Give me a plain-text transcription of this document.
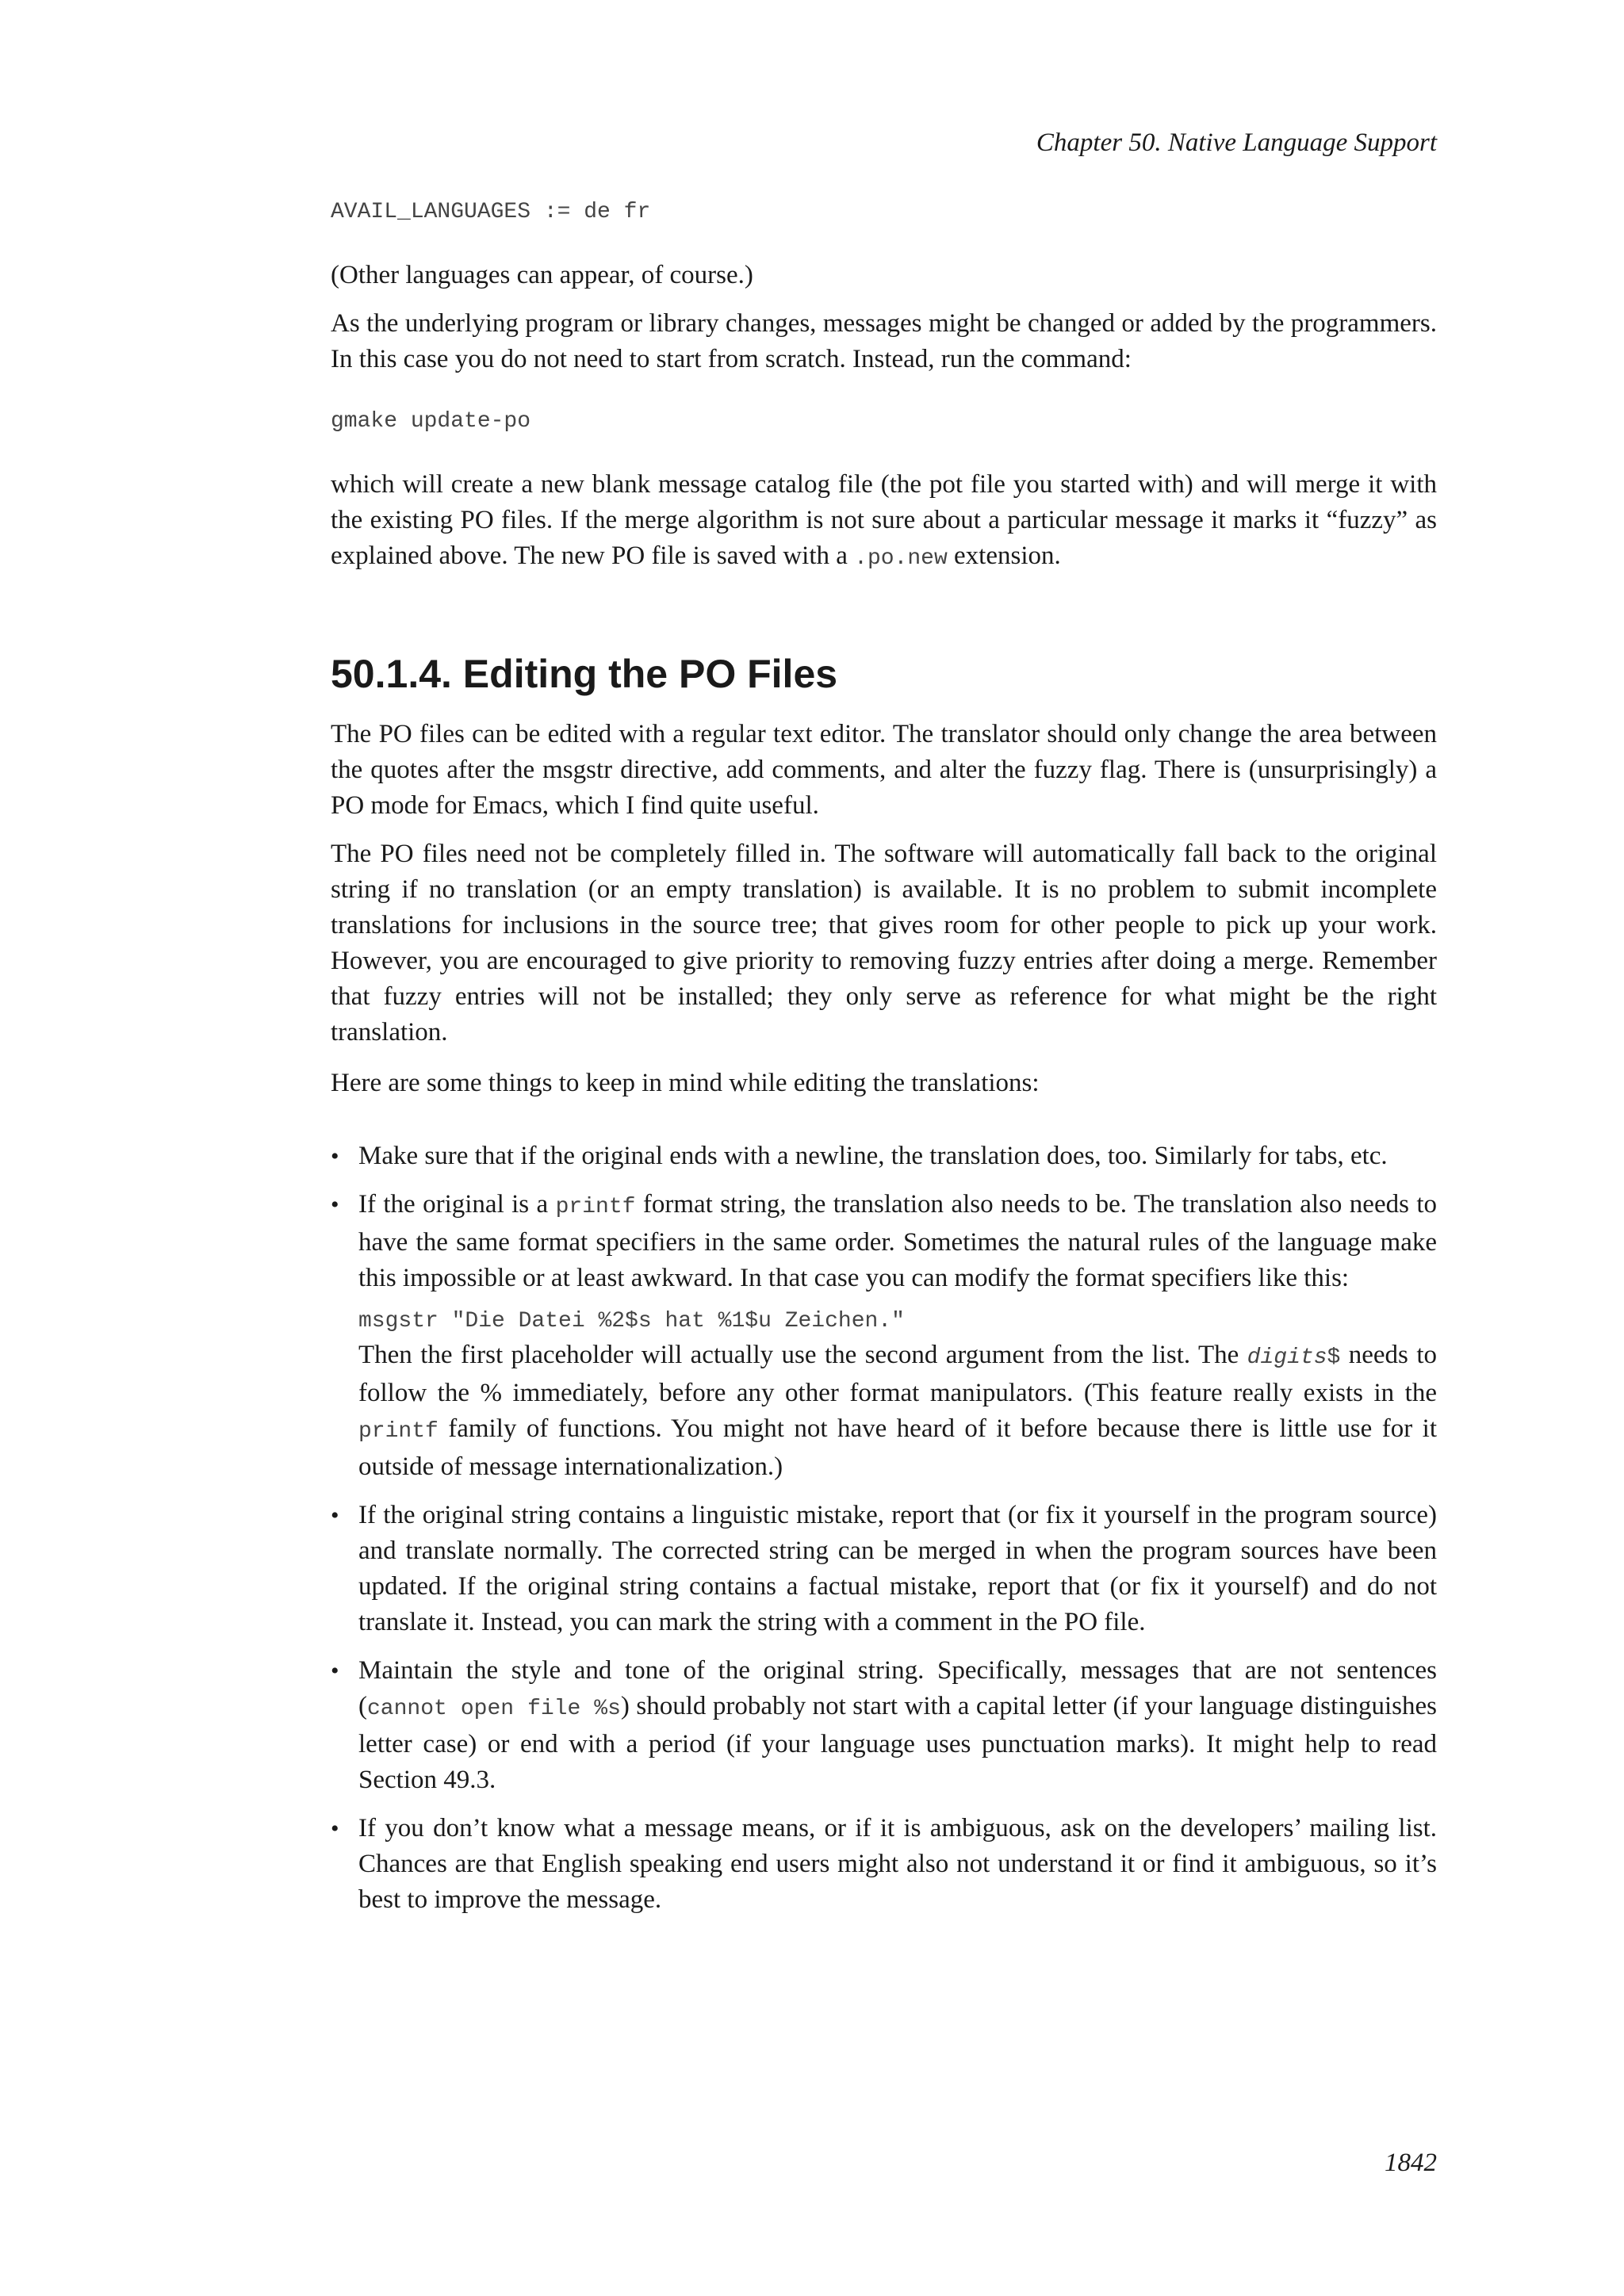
Chapter 50. Native Language Support
AVAIL_LANGUAGES := de fr
(Other languages can appear, of course.)
As the underlying program or library changes, messages might be changed or added by the programmers. In this case you do not need to start from scratch. Instead, run the command:
gmake update-po
which will create a new blank message catalog file (the pot file you started with) and will merge it with the existing PO files. If the merge algorithm is not sure about a particular message it marks it “fuzzy” as explained above. The new PO file is saved with a .po.new extension.
50.1.4. Editing the PO Files
The PO files can be edited with a regular text editor. The translator should only change the area between the quotes after the msgstr directive, add comments, and alter the fuzzy flag. There is (unsurprisingly) a PO mode for Emacs, which I find quite useful.
The PO files need not be completely filled in. The software will automatically fall back to the original string if no translation (or an empty translation) is available. It is no problem to submit incomplete translations for inclusions in the source tree; that gives room for other people to pick up your work. However, you are encouraged to give priority to removing fuzzy entries after doing a merge. Remember that fuzzy entries will not be installed; they only serve as reference for what might be the right translation.
Here are some things to keep in mind while editing the translations:
• Make sure that if the original ends with a newline, the translation does, too. Similarly for tabs, etc.
• If the original is a printf format string, the translation also needs to be. The translation also needs to have the same format specifiers in the same order. Sometimes the natural rules of the language make this impossible or at least awkward. In that case you can modify the format specifiers like this:
msgstr "Die Datei %2$s hat %1$u Zeichen."
Then the first placeholder will actually use the second argument from the list. The digits$ needs to follow the % immediately, before any other format manipulators. (This feature really exists in the printf family of functions. You might not have heard of it before because there is little use for it outside of message internationalization.)
• If the original string contains a linguistic mistake, report that (or fix it yourself in the program source) and translate normally. The corrected string can be merged in when the program sources have been updated. If the original string contains a factual mistake, report that (or fix it yourself) and do not translate it. Instead, you can mark the string with a comment in the PO file.
• Maintain the style and tone of the original string. Specifically, messages that are not sentences (cannot open file %s) should probably not start with a capital letter (if your language distinguishes letter case) or end with a period (if your language uses punctuation marks). It might help to read Section 49.3.
• If you don’t know what a message means, or if it is ambiguous, ask on the developers’ mailing list. Chances are that English speaking end users might also not understand it or find it ambiguous, so it’s best to improve the message.
1842
